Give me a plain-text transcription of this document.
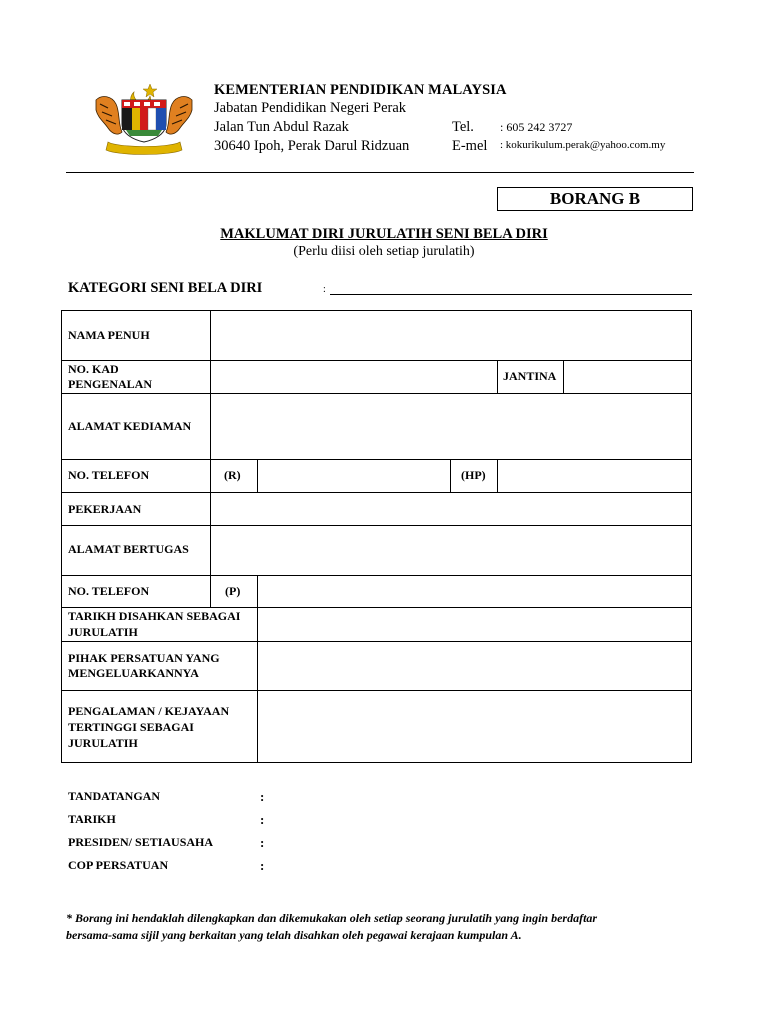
KEMENTERIAN PENDIDIKAN MALAYSIA
Jabatan Pendidikan Negeri Perak
Jalan Tun Abdul Razak
30640 Ipoh, Perak Darul Ridzuan
Tel. : 605 242 3727
E-mel : kokurikulum.perak@yahoo.com.my
BORANG B
MAKLUMAT DIRI JURULATIH SENI BELA DIRI
(Perlu diisi oleh setiap jurulatih)
KATEGORI SENI BELA DIRI	:
NAMA PENUH
NO. KAD
PENGENALAN
JANTINA
ALAMAT KEDIAMAN
NO. TELEFON	(R)	(HP)
PEKERJAAN
ALAMAT BERTUGAS
NO. TELEFON	(P)
TARIKH DISAHKAN SEBAGAI
JURULATIH
PIHAK PERSATUAN YANG
MENGELUARKANNYA
PENGALAMAN / KEJAYAAN
TERTINGGI SEBAGAI
JURULATIH
TANDATANGAN	:
TARIKH	:
PRESIDEN/ SETIAUSAHA	:
COP PERSATUAN	:
* Borang ini hendaklah dilengkapkan dan dikemukakan oleh setiap seorang jurulatih yang ingin berdaftar
bersama-sama sijil yang berkaitan yang telah disahkan oleh pegawai kerajaan kumpulan A.
